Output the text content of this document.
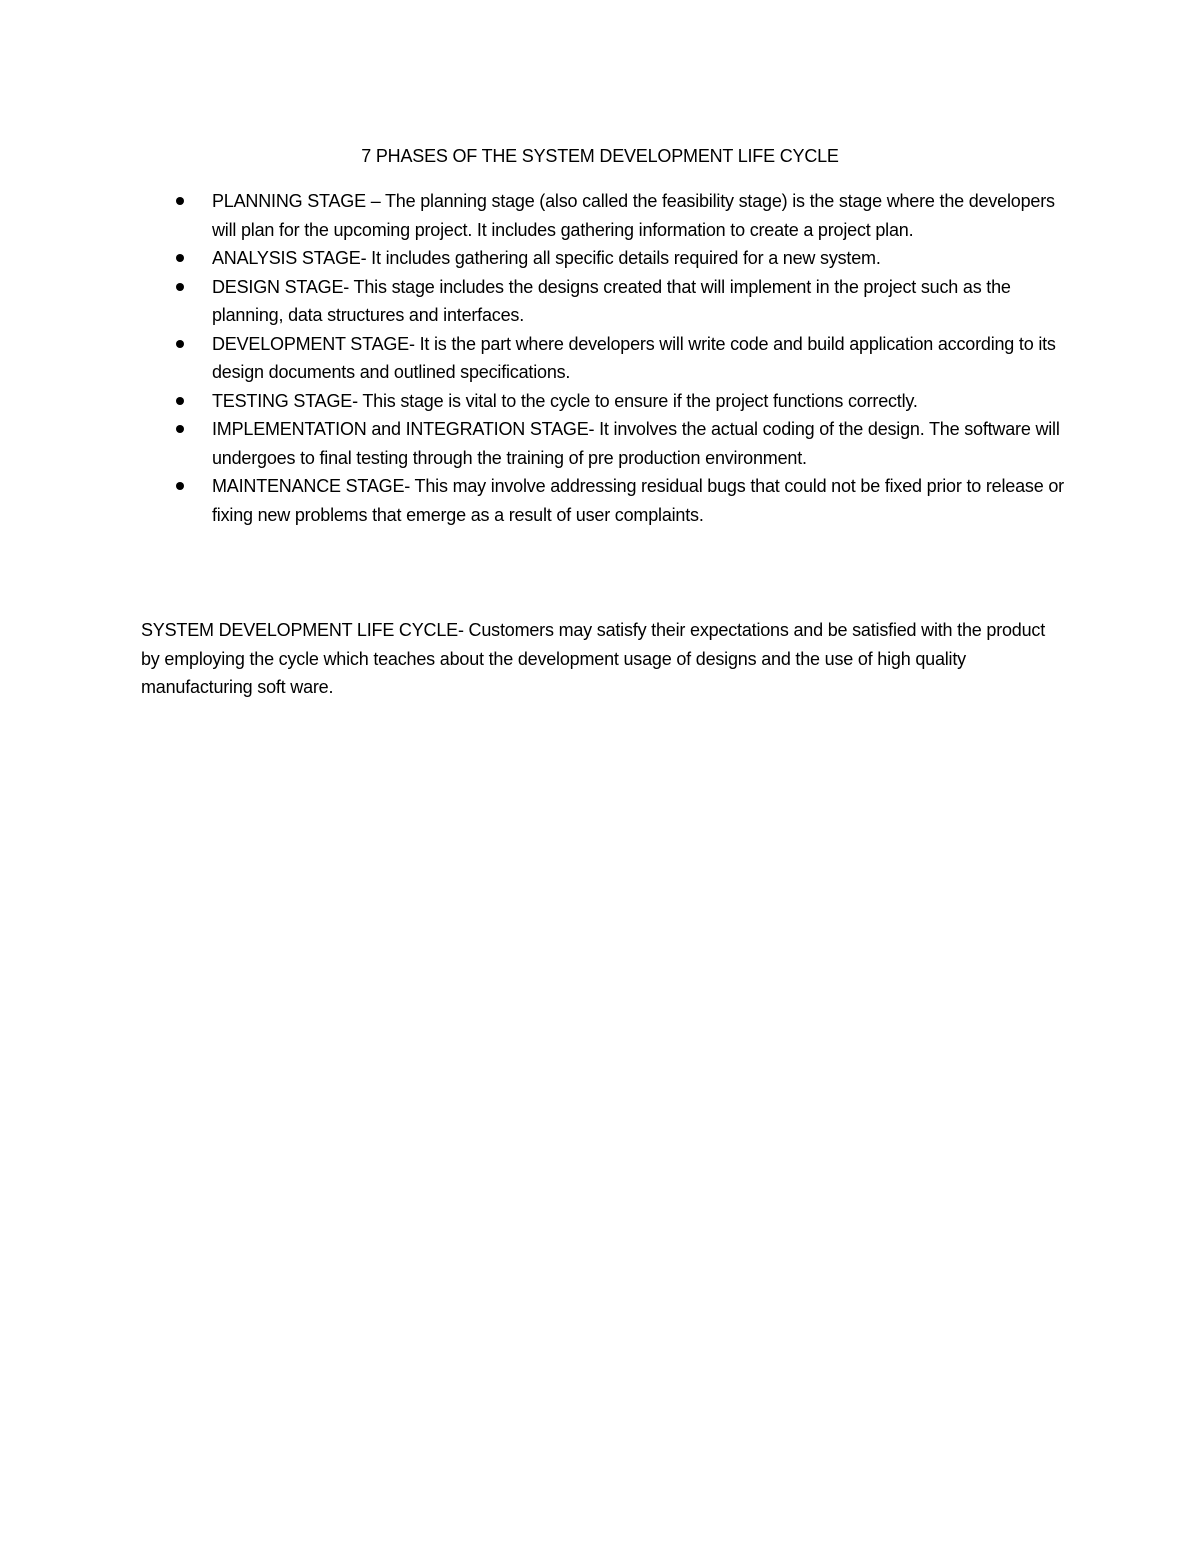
7 PHASES OF THE SYSTEM DEVELOPMENT LIFE CYCLE
PLANNING STAGE – The planning stage (also called the feasibility stage) is the stage where the developers will plan for the upcoming project. It includes gathering information to create a project plan.
ANALYSIS STAGE- It includes gathering all specific details required for a new system.
DESIGN STAGE- This stage includes the designs created that will implement in the project such as the planning, data structures and interfaces.
DEVELOPMENT STAGE- It is the part where developers will write code and build application according to its design documents and outlined specifications.
TESTING STAGE- This stage is vital to the cycle to ensure if the project functions correctly.
IMPLEMENTATION and INTEGRATION STAGE- It involves the actual coding of the design. The software will undergoes to final testing through the training of pre production environment.
MAINTENANCE STAGE- This may involve addressing residual bugs that could not be fixed prior to release or fixing new problems that emerge as a result of user complaints.

SYSTEM DEVELOPMENT LIFE CYCLE- Customers may satisfy their expectations and be satisfied with the product by employing the cycle which teaches about the development usage of designs and the use of high quality manufacturing soft ware.
